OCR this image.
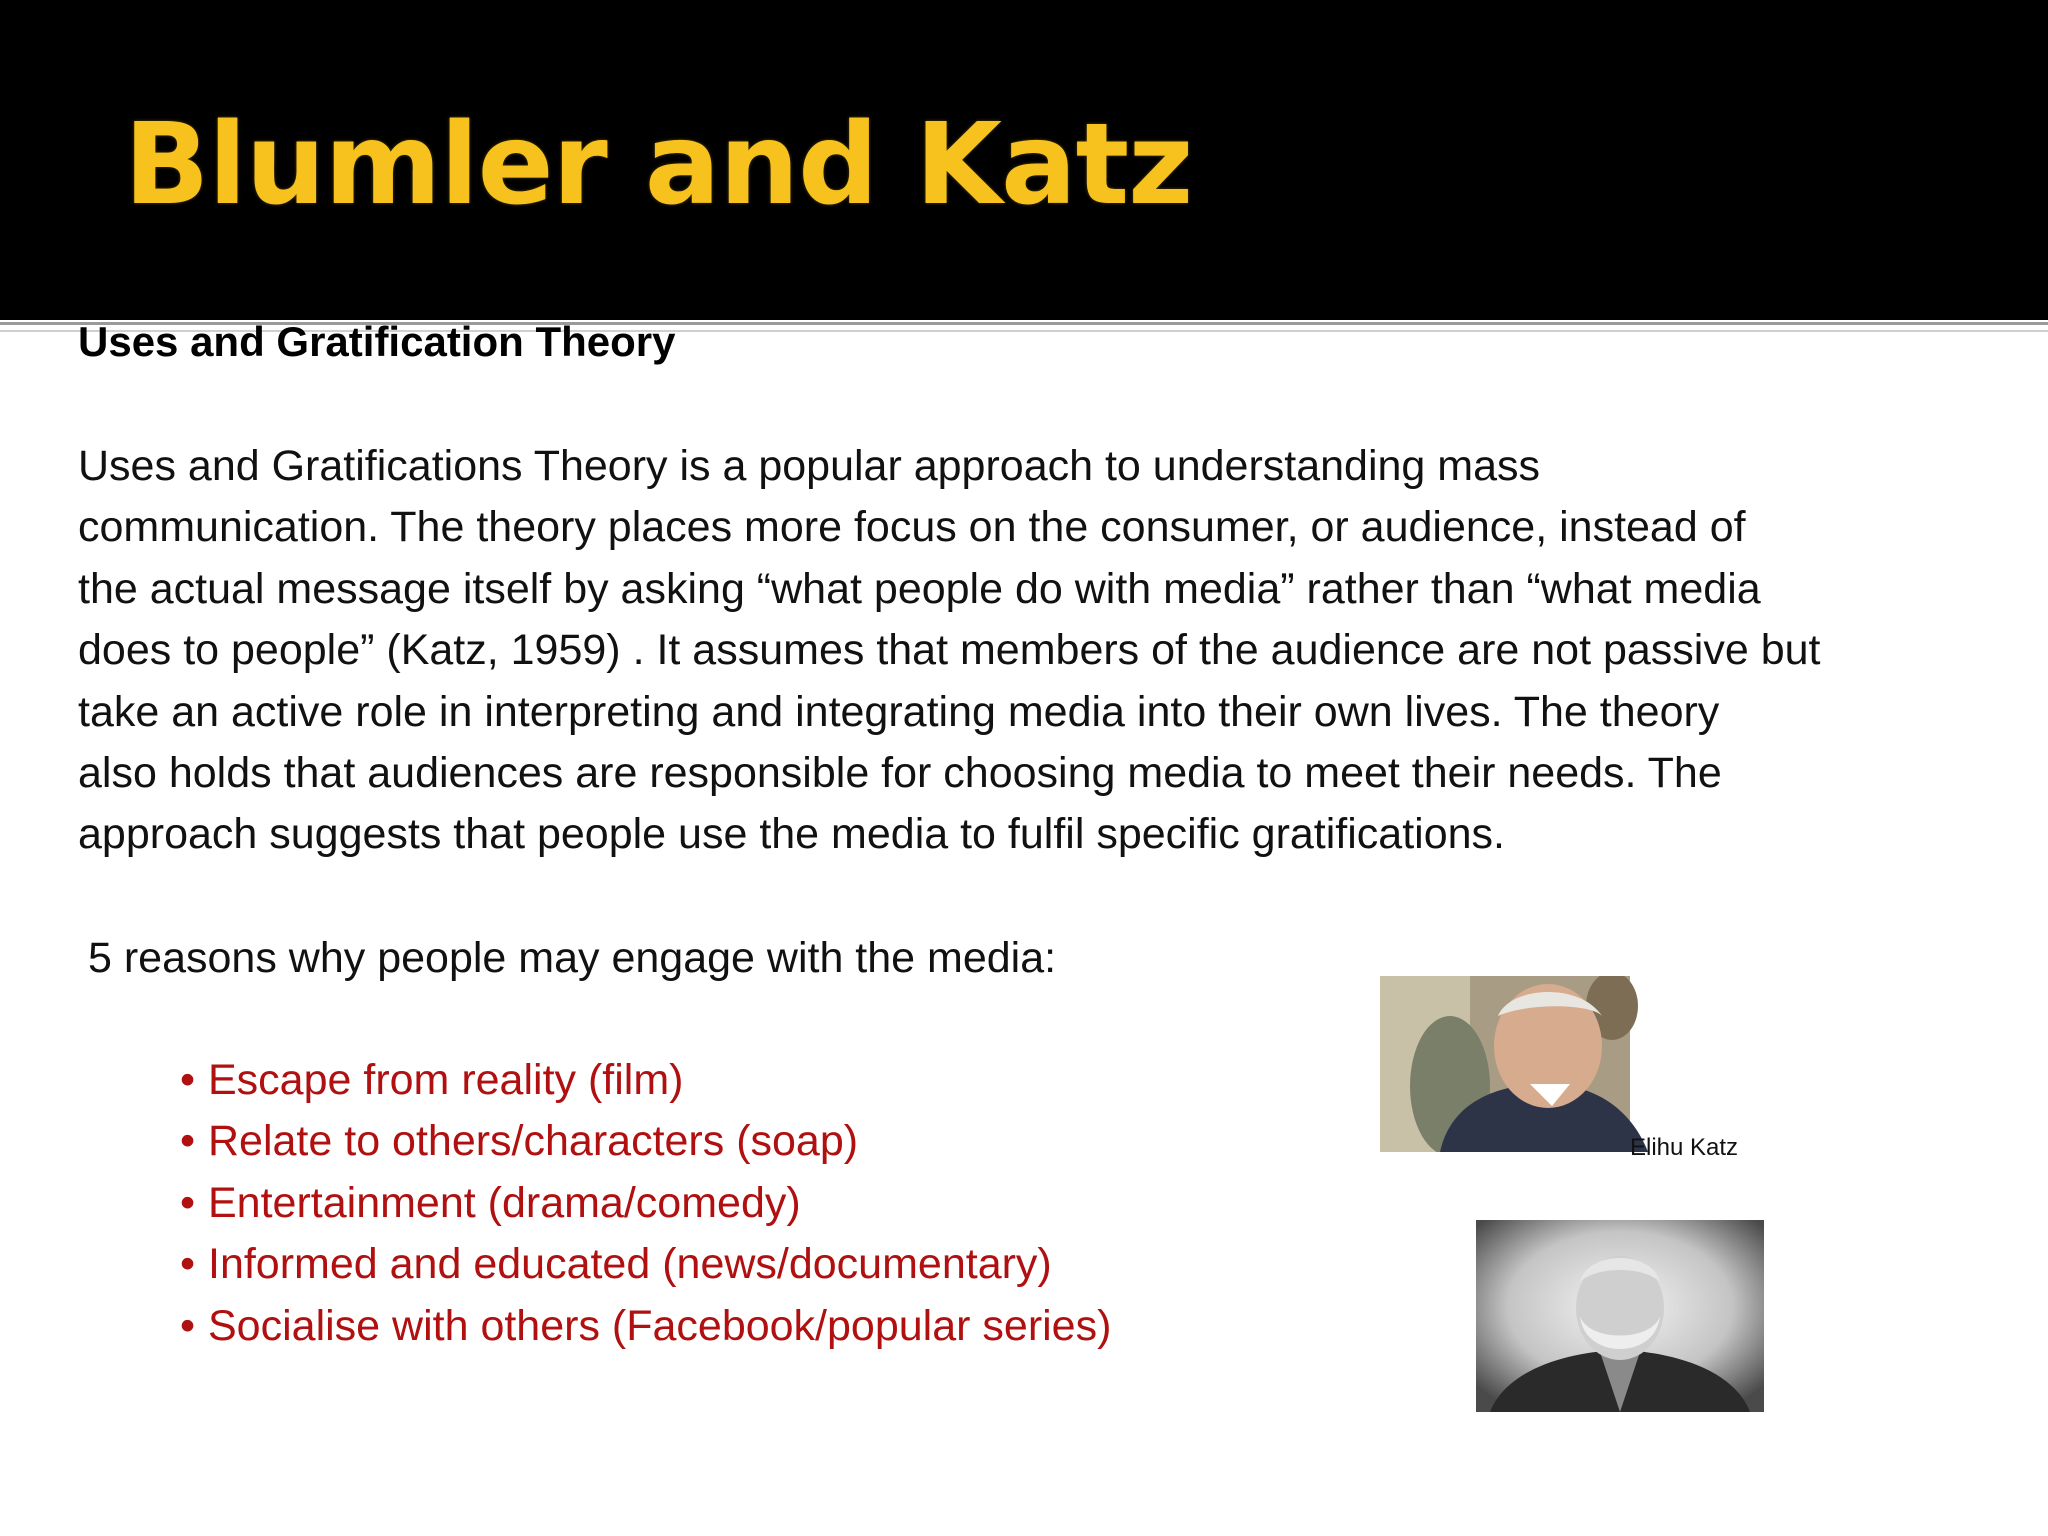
Blumler and Katz
Uses and Gratification Theory
Uses and Gratifications Theory is a popular approach to understanding mass
communication. The theory places more focus on the consumer, or audience, instead of
the actual message itself by asking “what people do with media” rather than “what media
does to people” (Katz, 1959) . It assumes that members of the audience are not passive but
take an active role in interpreting and integrating media into their own lives. The theory
also holds that audiences are responsible for choosing media to meet their needs. The
approach suggests that people use the media to fulfil specific gratifications.

5 reasons why people may engage with the media:

• Escape from reality (film)
• Relate to others/characters (soap)
• Entertainment (drama/comedy)
• Informed and educated (news/documentary)
• Socialise with others (Facebook/popular series)
Elihu Katz
